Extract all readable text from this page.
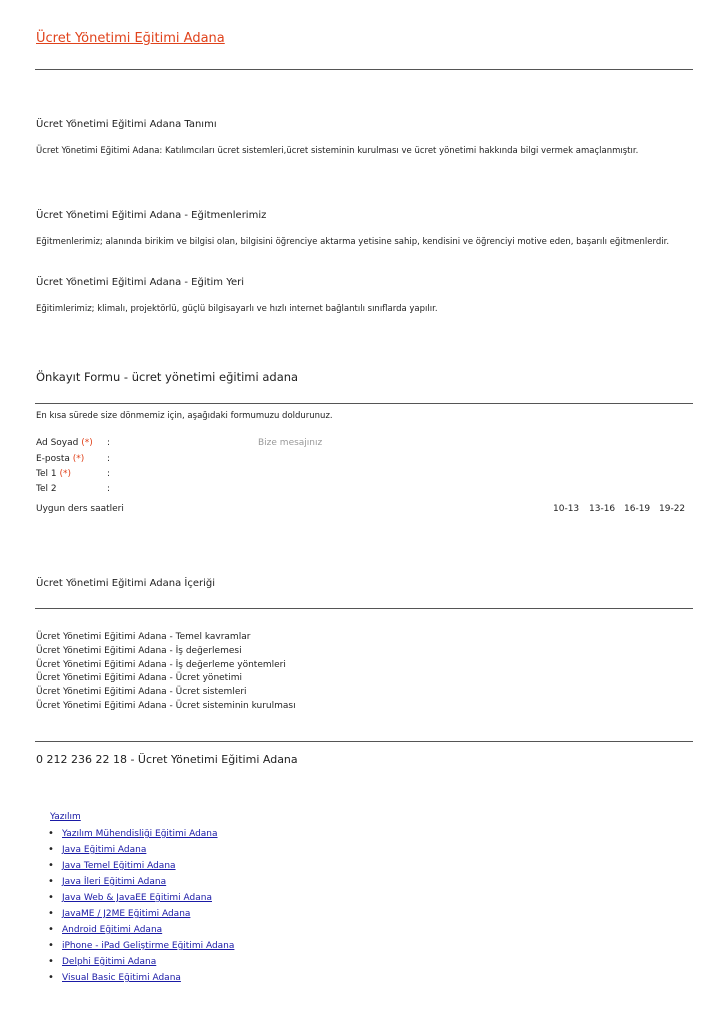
Ücret Yönetimi Eğitimi Adana
Ücret Yönetimi Eğitimi Adana Tanımı
Ücret Yönetimi Eğitimi Adana: Katılımcıları ücret sistemleri,ücret sisteminin kurulması ve ücret yönetimi hakkında bilgi vermek amaçlanmıştır.
Ücret Yönetimi Eğitimi Adana - Eğitmenlerimiz
Eğitmenlerimiz; alanında birikim ve bilgisi olan, bilgisini öğrenciye aktarma yetisine sahip, kendisini ve öğrenciyi motive eden, başarılı eğitmenlerdir.
Ücret Yönetimi Eğitimi Adana - Eğitim Yeri
Eğitimlerimiz; klimalı, projektörlü, güçlü bilgisayarlı ve hızlı internet bağlantılı sınıflarda yapılır.
Önkayıt Formu - ücret yönetimi eğitimi adana
En kısa sürede size dönmemiz için, aşağıdaki formumuzu doldurunuz.
Ad Soyad (*) :	Bize mesajınız
E-posta (*)	:
Tel 1 (*)	:
Tel 2	:
Uygun ders saatleri	10-13 13-16 16-19 19-22
Ücret Yönetimi Eğitimi Adana İçeriği
Ücret Yönetimi Eğitimi Adana - Temel kavramlar
Ücret Yönetimi Eğitimi Adana - İş değerlemesi
Ücret Yönetimi Eğitimi Adana - İş değerleme yöntemleri
Ücret Yönetimi Eğitimi Adana - Ücret yönetimi
Ücret Yönetimi Eğitimi Adana - Ücret sistemleri
Ücret Yönetimi Eğitimi Adana - Ücret sisteminin kurulması
0 212 236 22 18 - Ücret Yönetimi Eğitimi Adana
Yazılım
• Yazılım Mühendisliği Eğitimi Adana
• Java Eğitimi Adana
• Java Temel Eğitimi Adana
• Java İleri Eğitimi Adana
• Java Web & JavaEE Eğitimi Adana
• JavaME / J2ME Eğitimi Adana
• Android Eğitimi Adana
• iPhone - iPad Geliştirme Eğitimi Adana
• Delphi Eğitimi Adana
• Visual Basic Eğitimi Adana
